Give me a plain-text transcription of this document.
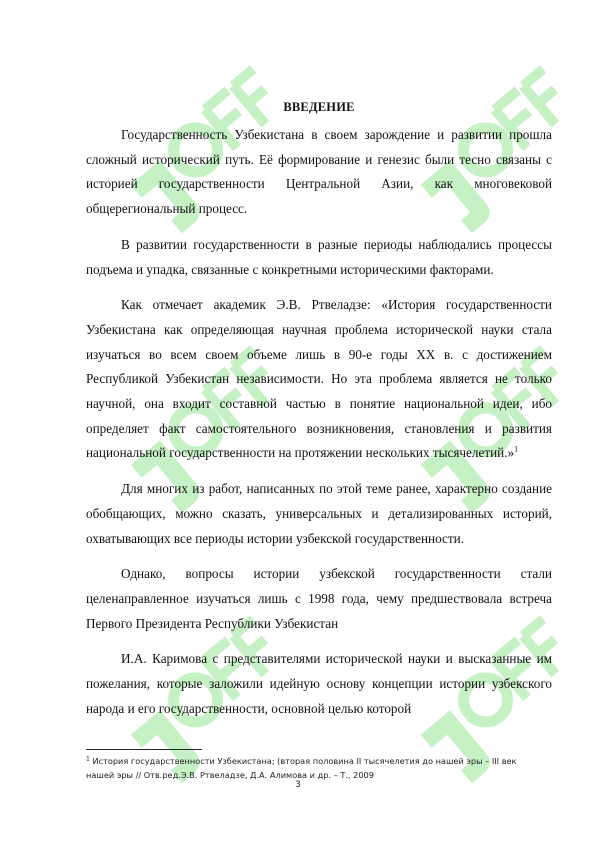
ВВЕДЕНИЕ

Государственность Узбекистана в своем зарождение и развитии прошла сложный исторический путь. Её формирование и генезис были тесно связаны с историей государственности Центральной Азии, как многовековой общерегиональный процесс.

В развитии государственности в разные периоды наблюдались процессы подъема и упадка, связанные с конкретными историческими факторами.

Как отмечает академик Э.В. Ртвеладзе: «История государственности Узбекистана как определяющая научная проблема исторической науки стала изучаться во всем своем объеме лишь в 90-е годы XX в. с достижением Республикой Узбекистан независимости. Но эта проблема является не только научной, она входит составной частью в понятие национальной идеи, ибо определяет факт самостоятельного возникновения, становления и развития национальной государственности на протяжении нескольких тысячелетий.»$^1$

Для многих из работ, написанных по этой теме ранее, характерно создание обобщающих, можно сказать, универсальных и детализированных историй, охватывающих все периоды истории узбекской государственности.

Однако, вопросы истории узбекской государственности стали целенаправленное изучаться лишь с 1998 года, чему предшествовала встреча Первого Президента Республики Узбекистан

И.А. Каримова с представителями исторической науки и высказанные им пожелания, которые заложили идейную основу концепции истории узбекского народа и его государственности, основной целью которой

$^1$ История государственности Узбекистана; (вторая половина II тысячелетия до нашей эры – III век нашей эры // Отв.ред.Э.В. Ртвеладзе, Д.А. Алимова и др. – Т., 2009
3
